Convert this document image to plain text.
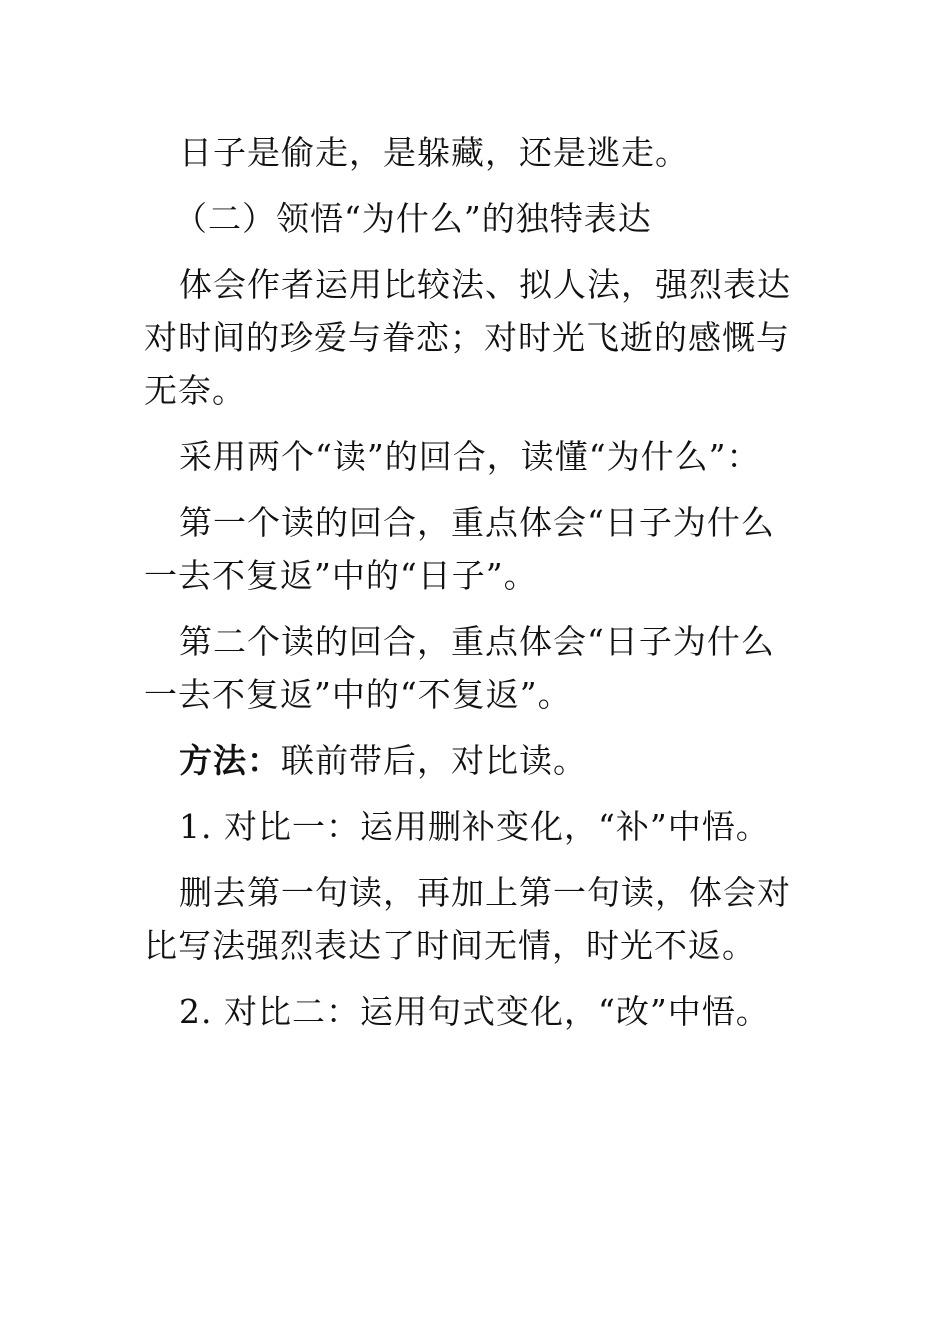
日子是偷走，是躲藏，还是逃走。

（二）领悟“为什么”的独特表达

体会作者运用比较法、拟人法，强烈表达对时间的珍爱与眷恋；对时光飞逝的感慨与无奈。

采用两个“读”的回合，读懂“为什么”：

第一个读的回合，重点体会“日子为什么一去不复返”中的“日子”。

第二个读的回合，重点体会“日子为什么一去不复返”中的“不复返”。

方法：联前带后，对比读。

1. 对比一：运用删补变化，“补”中悟。

删去第一句读，再加上第一句读，体会对比写法强烈表达了时间无情，时光不返。

2. 对比二：运用句式变化，“改”中悟。
